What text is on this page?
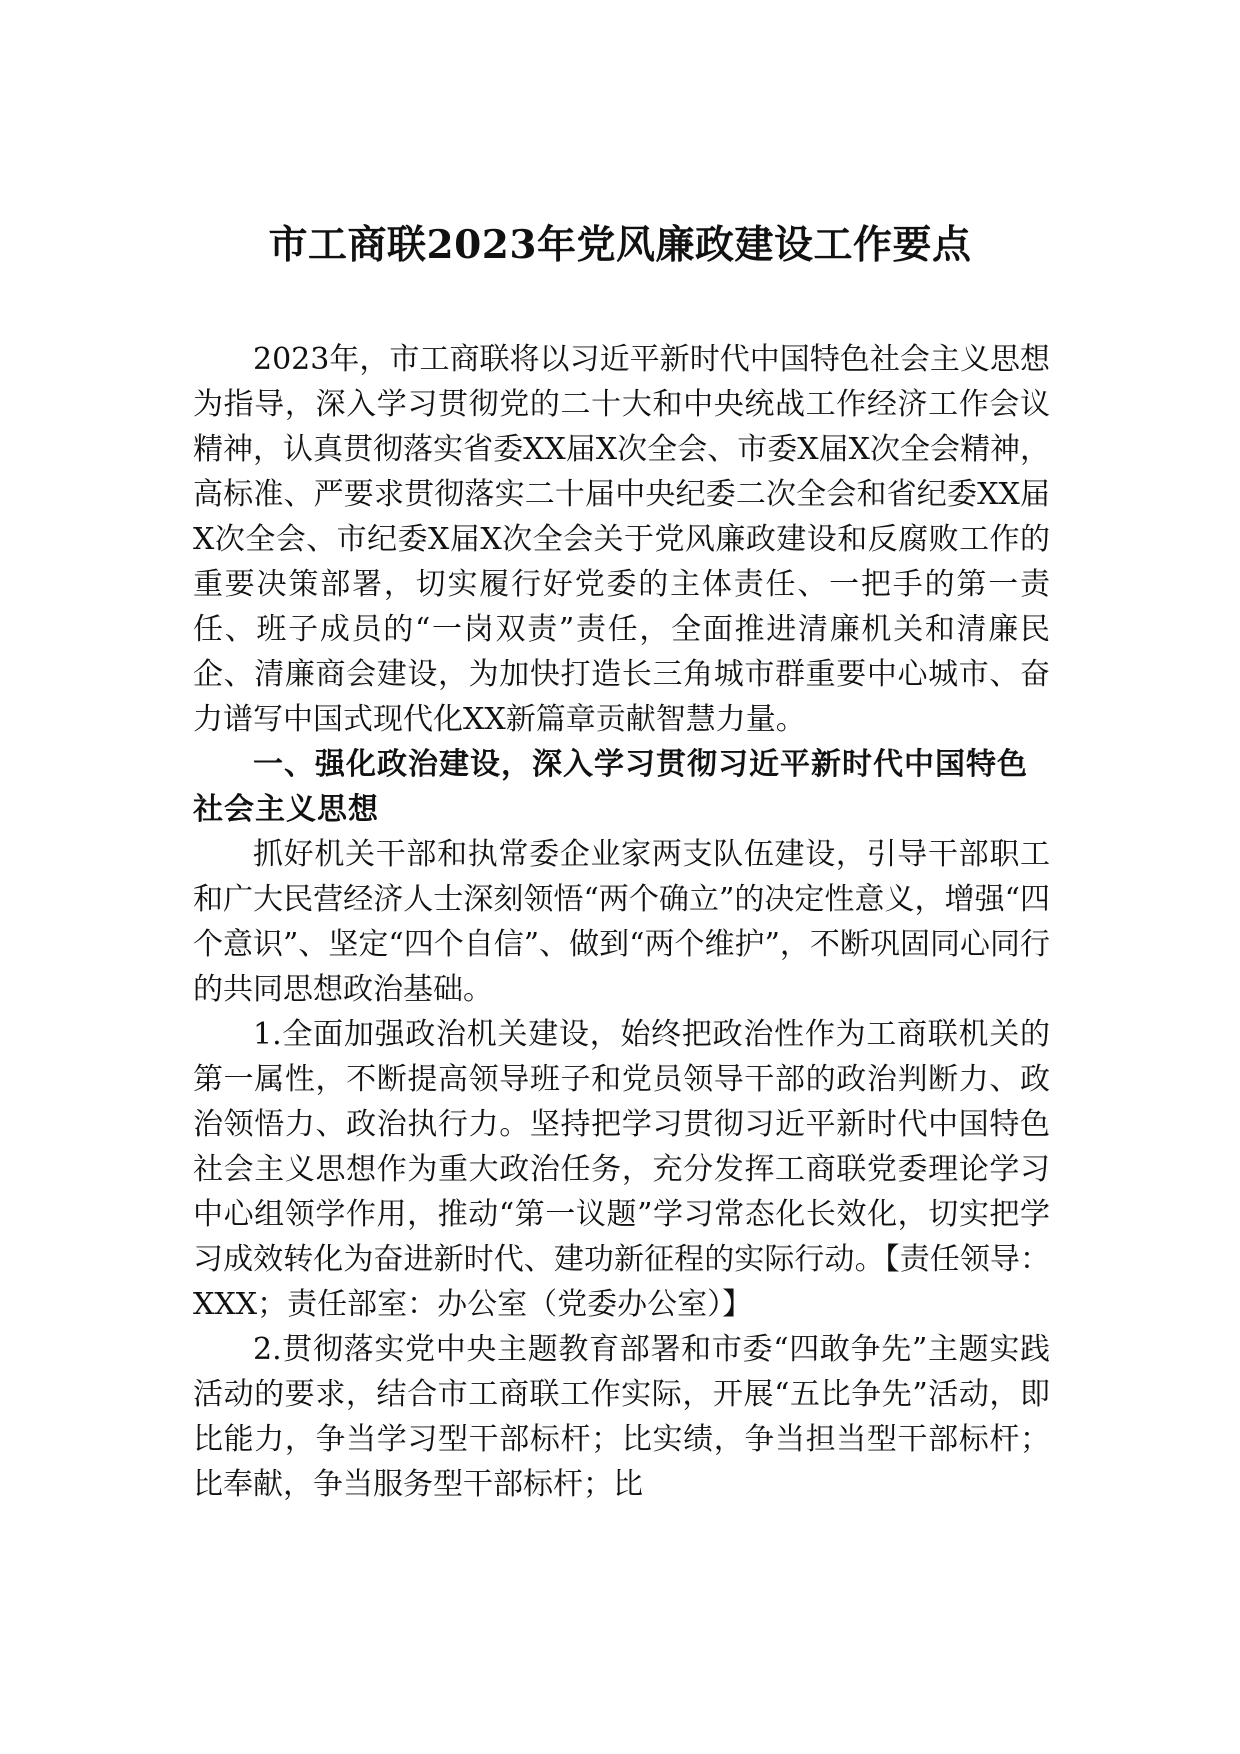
市工商联2023年党风廉政建设工作要点

2023年，市工商联将以习近平新时代中国特色社会主义思想为指导，深入学习贯彻党的二十大和中央统战工作经济工作会议精神，认真贯彻落实省委XX届X次全会、市委X届X次全会精神，高标准、严要求贯彻落实二十届中央纪委二次全会和省纪委XX届X次全会、市纪委X届X次全会关于党风廉政建设和反腐败工作的重要决策部署，切实履行好党委的主体责任、一把手的第一责任、班子成员的“一岗双责”责任，全面推进清廉机关和清廉民企、清廉商会建设，为加快打造长三角城市群重要中心城市、奋力谱写中国式现代化XX新篇章贡献智慧力量。

一、强化政治建设，深入学习贯彻习近平新时代中国特色社会主义思想

抓好机关干部和执常委企业家两支队伍建设，引导干部职工和广大民营经济人士深刻领悟“两个确立”的决定性意义，增强“四个意识”、坚定“四个自信”、做到“两个维护”，不断巩固同心同行的共同思想政治基础。

1.全面加强政治机关建设，始终把政治性作为工商联机关的第一属性，不断提高领导班子和党员领导干部的政治判断力、政治领悟力、政治执行力。坚持把学习贯彻习近平新时代中国特色社会主义思想作为重大政治任务，充分发挥工商联党委理论学习中心组领学作用，推动“第一议题”学习常态化长效化，切实把学习成效转化为奋进新时代、建功新征程的实际行动。【责任领导：XXX；责任部室：办公室（党委办公室）】

2.贯彻落实党中央主题教育部署和市委“四敢争先”主题实践活动的要求，结合市工商联工作实际，开展“五比争先”活动，即比能力，争当学习型干部标杆；比实绩，争当担当型干部标杆；比奉献，争当服务型干部标杆；比
